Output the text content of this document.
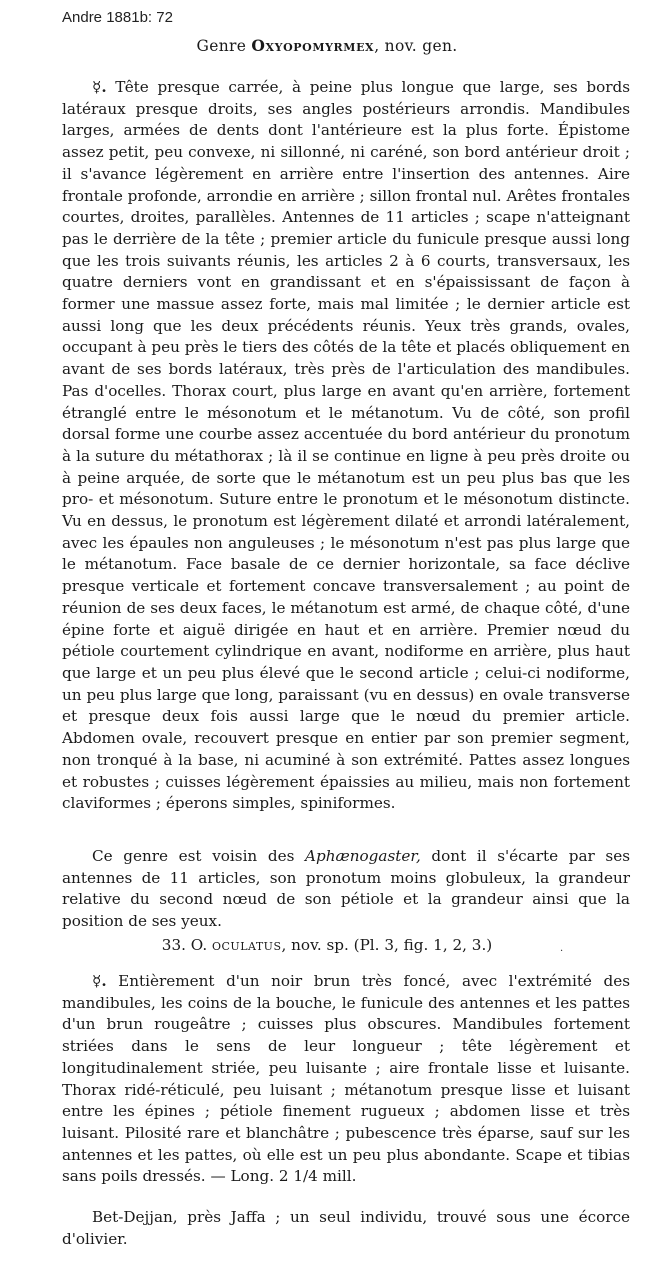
Andre 1881b: 72
Genre Oxyopomyrmex, nov. gen.

☿. Tête presque carrée, à peine plus longue que large, ses bords latéraux presque droits, ses angles postérieurs arrondis. Mandibules larges, armées de dents dont l'antérieure est la plus forte. Épistome assez petit, peu convexe, ni sillonné, ni caréné, son bord antérieur droit ; il s'avance légèrement en arrière entre l'insertion des antennes. Aire frontale profonde, arrondie en arrière ; sillon frontal nul. Arêtes frontales courtes, droites, parallèles. Antennes de 11 articles ; scape n'atteignant pas le derrière de la tête ; premier article du funicule presque aussi long que les trois suivants réunis, les articles 2 à 6 courts, transversaux, les quatre derniers vont en grandissant et en s'épaississant de façon à former une massue assez forte, mais mal limitée ; le dernier article est aussi long que les deux précédents réunis. Yeux très grands, ovales, occupant à peu près le tiers des côtés de la tête et placés obliquement en avant de ses bords latéraux, très près de l'articulation des mandibules. Pas d'ocelles. Thorax court, plus large en avant qu'en arrière, fortement étranglé entre le mésonotum et le métanotum. Vu de côté, son profil dorsal forme une courbe assez accentuée du bord antérieur du pronotum à la suture du métathorax ; là il se continue en ligne à peu près droite ou à peine arquée, de sorte que le métanotum est un peu plus bas que les pro- et mésonotum. Suture entre le pronotum et le mésonotum distincte. Vu en dessus, le pronotum est légèrement dilaté et arrondi latéralement, avec les épaules non anguleuses ; le mésonotum n'est pas plus large que le métanotum. Face basale de ce dernier horizontale, sa face déclive presque verticale et fortement concave transversalement ; au point de réunion de ses deux faces, le métanotum est armé, de chaque côté, d'une épine forte et aiguë dirigée en haut et en arrière. Premier nœud du pétiole courtement cylindrique en avant, nodiforme en arrière, plus haut que large et un peu plus élevé que le second article ; celui-ci nodiforme, un peu plus large que long, paraissant (vu en dessus) en ovale transverse et presque deux fois aussi large que le nœud du premier article. Abdomen ovale, recouvert presque en entier par son premier segment, non tronqué à la base, ni acuminé à son extrémité. Pattes assez longues et robustes ; cuisses légèrement épaissies au milieu, mais non fortement claviformes ; éperons simples, spiniformes.

Ce genre est voisin des Aphænogaster, dont il s'écarte par ses antennes de 11 articles, son pronotum moins globuleux, la grandeur relative du second nœud de son pétiole et la grandeur ainsi que la position de ses yeux.

33. O. oculatus, nov. sp. (Pl. 3, fig. 1, 2, 3.)	·

☿. Entièrement d'un noir brun très foncé, avec l'extrémité des mandibules, les coins de la bouche, le funicule des antennes et les pattes d'un brun rougeâtre ; cuisses plus obscures. Mandibules fortement striées dans le sens de leur longueur ; tête légèrement et longitudinalement striée, peu luisante ; aire frontale lisse et luisante. Thorax ridé-réticulé, peu luisant ; métanotum presque lisse et luisant entre les épines ; pétiole finement rugueux ; abdomen lisse et très luisant. Pilosité rare et blanchâtre ; pubescence très éparse, sauf sur les antennes et les pattes, où elle est un peu plus abondante. Scape et tibias sans poils dressés. — Long. 2 1/4 mill.

Bet-Dejjan, près Jaffa ; un seul individu, trouvé sous une écorce d'olivier.
